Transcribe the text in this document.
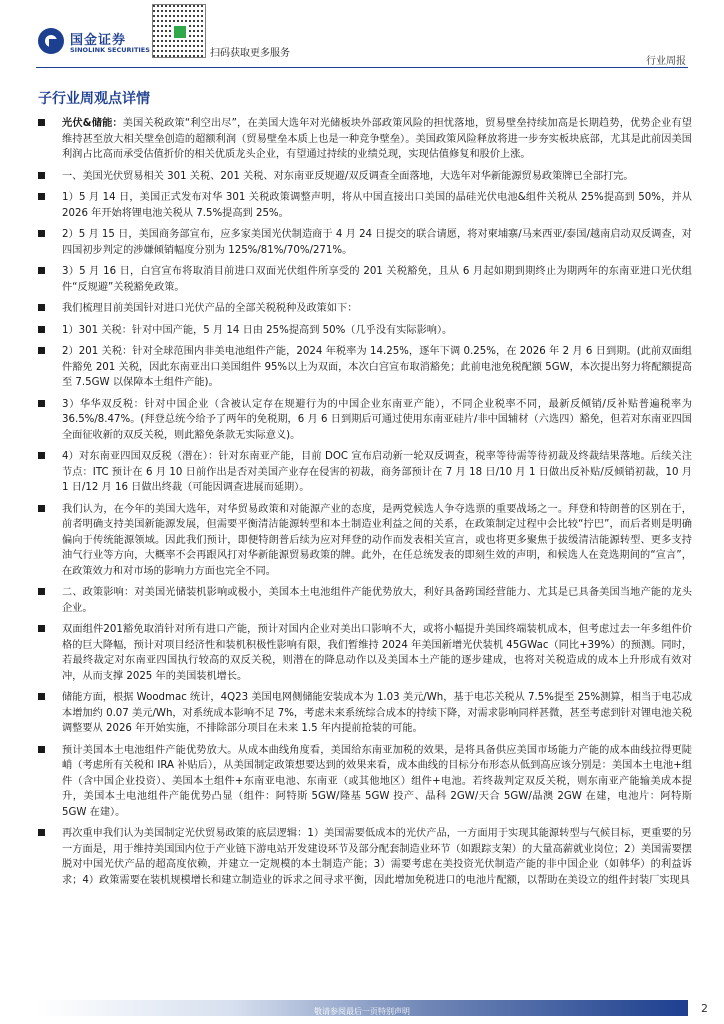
国金证券
SINOLINK SECURITIES	扫码获取更多服务
行业周报
子行业周观点详情

光伏&储能：美国关税政策“利空出尽”，在美国大选年对光储板块外部政策风险的担忧落地，贸易壁垒持续加高是长期趋势，优势企业有望维持甚至放大相关壁垒创造的超额利润（贸易壁垒本质上也是一种竞争壁垒）。美国政策风险释放将进一步夯实板块底部，尤其是此前因美国利润占比高而承受估值折价的相关优质龙头企业，有望通过持续的业绩兑现，实现估值修复和股价上涨。

一、美国光伏贸易相关 301 关税、201 关税、对东南亚反规避/双反调查全面落地，大选年对华新能源贸易政策牌已全部打完。

1）5 月 14 日，美国正式发布对华 301 关税政策调整声明，将从中国直接出口美国的晶硅光伏电池&组件关税从 25%提高到 50%，并从 2026 年开始将锂电池关税从 7.5%提高到 25%。

2）5 月 15 日，美国商务部宣布，应多家美国光伏制造商于 4 月 24 日提交的联合请愿，将对柬埔寨/马来西亚/泰国/越南启动双反调查，对四国初步判定的涉嫌倾销幅度分别为 125%/81%/70%/271%。

3）5 月 16 日，白宫宣布将取消目前进口双面光伏组件所享受的 201 关税豁免，且从 6 月起如期到期终止为期两年的东南亚进口光伏组件“反规避”关税豁免政策。

我们梳理目前美国针对进口光伏产品的全部关税税种及政策如下：

1）301 关税：针对中国产能，5 月 14 日由 25%提高到 50%（几乎没有实际影响）。

2）201 关税：针对全球范围内非美电池组件产能，2024 年税率为 14.25%，逐年下调 0.25%，在 2026 年 2 月 6 日到期。(此前双面组件豁免 201 关税，因此东南亚出口美国组件 95%以上为双面，本次白宫宣布取消豁免；此前电池免税配额 5GW，本次提出努力将配额提高至 7.5GW 以保障本土组件产能)。

3）华华双反税：针对中国企业（含被认定存在规避行为的中国企业东南亚产能），不同企业税率不同，最新反倾销/反补贴普遍税率为 36.5%/8.47%。(拜登总统今给予了两年的免税期，6 月 6 日到期后可通过使用东南亚硅片/非中国辅材（六选四）豁免，但若对东南亚四国全面征收新的双反关税，则此豁免条款无实际意义)。

4）对东南亚四国双反税（潜在）：针对东南亚产能，目前 DOC 宣布启动新一轮双反调查，税率等待需等待初裁及终裁结果落地。后续关注节点：ITC 预计在 6 月 10 日前作出是否对美国产业存在侵害的初裁，商务部预计在 7 月 18 日/10 月 1 日做出反补贴/反倾销初裁，10 月 1 日/12 月 16 日做出终裁（可能因调查进展而延期）。

我们认为，在今年的美国大选年，对华贸易政策和对能源产业的态度，是两党候选人争夺选票的重要战场之一。拜登和特朗普的区别在于，前者明确支持美国新能源发展，但需要平衡清洁能源转型和本土制造业利益之间的关系，在政策制定过程中会比较“拧巴”，而后者则是明确偏向于传统能源领域。因此我们预计，即便特朗普后续为应对拜登的动作而发表相关宣言，或也将更多聚焦于拔缓清洁能源转型、更多支持油气行业等方向，大概率不会再跟风打对华新能源贸易政策的牌。此外，在任总统发表的即刻生效的声明，和候选人在竞选期间的“宣言”，在政策效力和对市场的影响力方面也完全不同。

二、政策影响：对美国光储装机影响或极小，美国本土电池组件产能优势放大，利好具备跨国经营能力、尤其是已具备美国当地产能的龙头企业。

双面组件201豁免取消针对所有进口产能，预计对国内企业对美出口影响不大，或将小幅提升美国终端装机成本，但考虑过去一年多组件价格的巨大降幅，预计对项目经济性和装机积极性影响有限，我们暂维持 2024 年美国新增光伏装机 45GWac（同比+39%）的预测。同时，若最终裁定对东南亚四国执行较高的双反关税，则潜在的降息动作以及美国本土产能的逐步建成，也将对关税造成的成本上升形成有效对冲，从而支撑 2025 年的美国装机增长。

储能方面，根据 Woodmac 统计，4Q23 美国电网侧储能安装成本为 1.03 美元/Wh，基于电芯关税从 7.5%提至 25%测算，相当于电芯成本增加约 0.07 美元/Wh，对系统成本影响不足 7%，考虑未来系统综合成本的持续下降，对需求影响同样甚微，甚至考虑到针对锂电池关税调整要从 2026 年开始实施，不排除部分项目在未来 1.5 年内提前抢装的可能。

预计美国本土电池组件产能优势放大。从成本曲线角度看，美国给东南亚加税的效果，是将具备供应美国市场能力产能的成本曲线拉得更陡峭（考虑所有关税和 IRA 补贴后），从美国制定政策想要达到的效果来看，成本曲线的目标分布形态从低到高应该分别是：美国本土电池+组件（含中国企业投资）、美国本土组件+东南亚电池、东南亚（或其他地区）组件+电池。若终裁判定双反关税，则东南亚产能输美成本提升，美国本土电池组件产能优势凸显（组件：阿特斯 5GW/隆基 5GW 投产、晶科 2GW/天合 5GW/晶澳 2GW 在建，电池片：阿特斯 5GW 在建）。

再次重申我们认为美国制定光伏贸易政策的底层逻辑：1）美国需要低成本的光伏产品，一方面用于实现其能源转型与气候目标，更重要的另一方面是，用于维持美国国内位于产业链下游电站开发建设环节及部分配套制造业环节（如跟踪支架）的大量高薪就业岗位；2）美国需要摆脱对中国光伏产品的超高度依赖，并建立一定规模的本土制造产能；3）需要考虑在美投资光伏制造产能的非中国企业（如韩华）的利益诉求；4）政策需要在装机规模增长和建立制造业的诉求之间寻求平衡，因此增加免税进口的电池片配额，以帮助在美设立的组件封装厂实现具

敬请参阅最后一页特别声明	2
